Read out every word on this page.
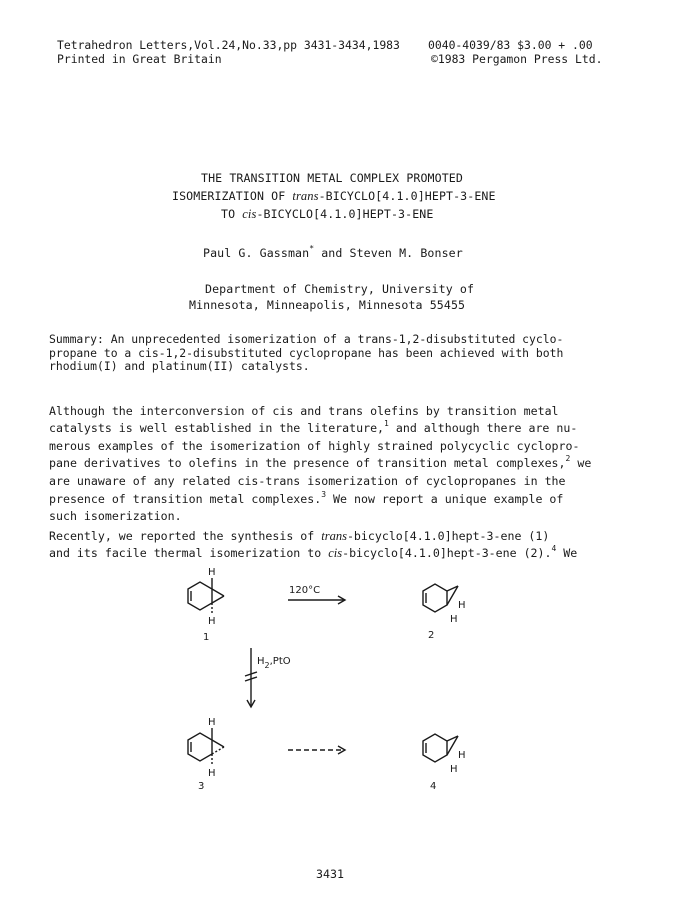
Tetrahedron Letters,Vol.24,No.33,pp 3431-3434,1983 0040-4039/83 $3.00 + .00
Printed in Great Britain	©1983 Pergamon Press Ltd.
THE TRANSITION METAL COMPLEX PROMOTED
ISOMERIZATION OF trans-BICYCLO[4.1.0]HEPT-3-ENE
TO cis-BICYCLO[4.1.0]HEPT-3-ENE
Paul G. Gassman* and Steven M. Bonser
Department of Chemistry, University of
Minnesota, Minneapolis, Minnesota 55455
Summary: An unprecedented isomerization of a trans-1,2-disubstituted cyclo-
propane to a cis-1,2-disubstituted cyclopropane has been achieved with both
rhodium(I) and platinum(II) catalysts.

Although the interconversion of cis and trans olefins by transition metal
catalysts is well established in the literature,$^1$ and although there are nu-
merous examples of the isomerization of highly strained polycyclic cyclopro-
pane derivatives to olefins in the presence of transition metal complexes,$^2$ we
are unaware of any related cis-trans isomerization of cyclopropanes in the
presence of transition metal complexes.$^3$ We now report a unique example of
such isomerization.

Recently, we reported the synthesis of trans-bicyclo[4.1.0]hept-3-ene (1)
and its facile thermal isomerization to cis-bicyclo[4.1.0]hept-3-ene (2).$^4$ We

H
H
1
120°C
H
H
2
$H_2,PtO$
H
H
3
H
H
4
3431
